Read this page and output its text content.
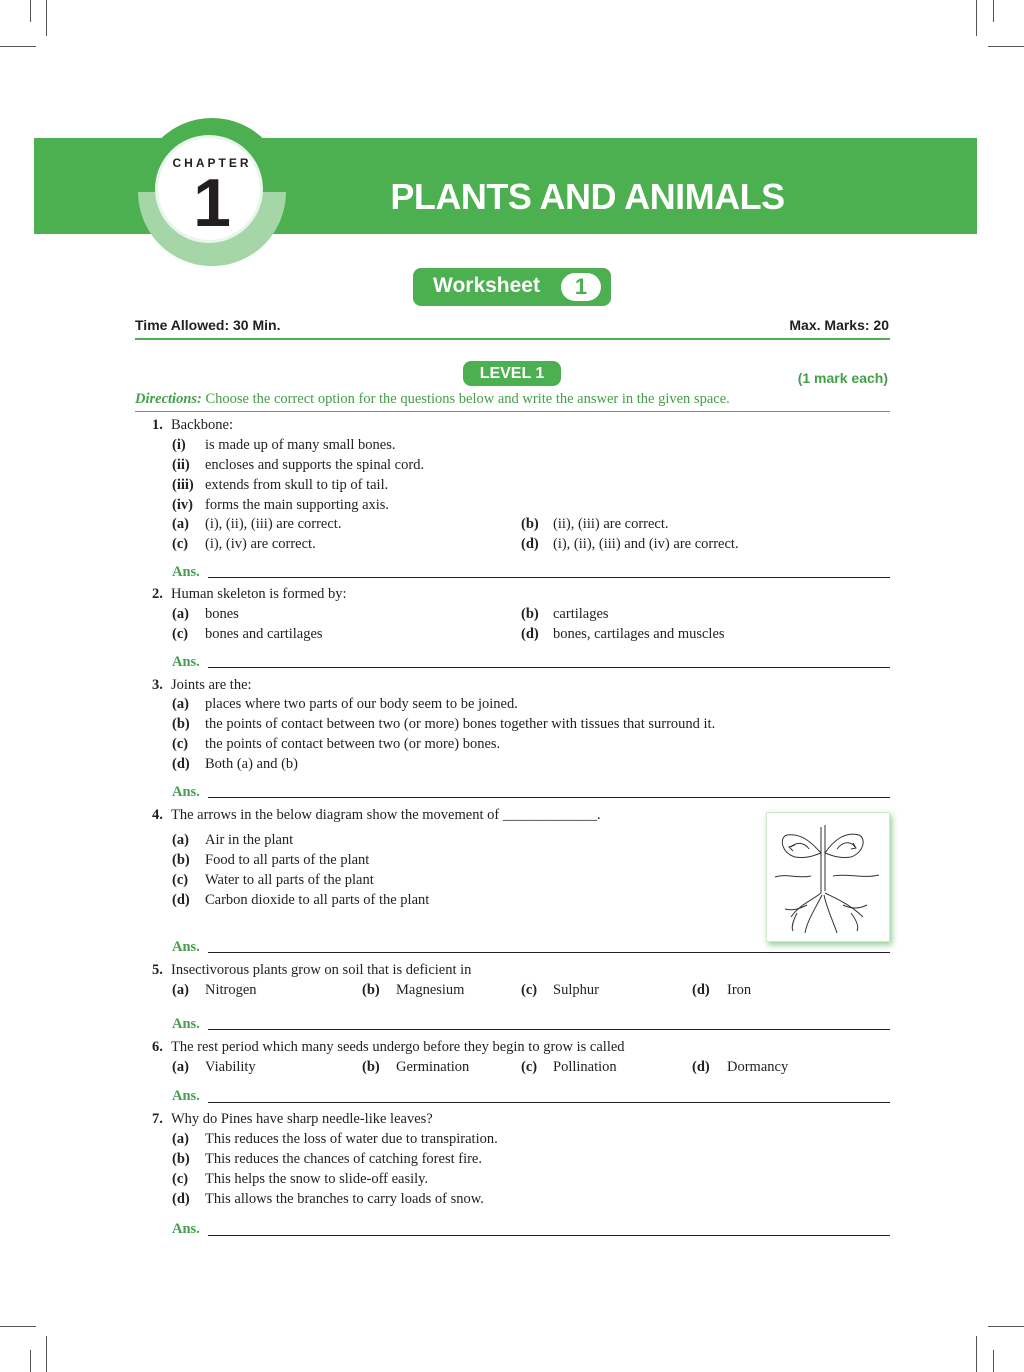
CHAPTER
1	PLANTS AND ANIMALS
Worksheet	1
Time Allowed: 30 Min.	Max. Marks: 20
LEVEL 1	(1 mark each)
Directions: Choose the correct option for the questions below and write the answer in the given space.
1. Backbone:
(i) is made up of many small bones.
(ii) encloses and supports the spinal cord.
(iii) extends from skull to tip of tail.
(iv) forms the main supporting axis.
(a) (i), (ii), (iii) are correct.	(b) (ii), (iii) are correct.
(c) (i), (iv) are correct.	(d) (i), (ii), (iii) and (iv) are correct.
Ans.
2. Human skeleton is formed by:
(a) bones	(b) cartilages
(c) bones and cartilages	(d) bones, cartilages and muscles
Ans.
3. Joints are the:
(a) places where two parts of our body seem to be joined.
(b) the points of contact between two (or more) bones together with tissues that surround it.
(c) the points of contact between two (or more) bones.
(d) Both (a) and (b)
Ans.
4. The arrows in the below diagram show the movement of _____________.
(a) Air in the plant
(b) Food to all parts of the plant
(c) Water to all parts of the plant
(d) Carbon dioxide to all parts of the plant
Ans.
5. Insectivorous plants grow on soil that is deficient in
(a) Nitrogen	(b) Magnesium	(c) Sulphur	(d) Iron
Ans.
6. The rest period which many seeds undergo before they begin to grow is called
(a) Viability	(b) Germination	(c) Pollination	(d) Dormancy
Ans.
7. Why do Pines have sharp needle-like leaves?
(a) This reduces the loss of water due to transpiration.
(b) This reduces the chances of catching forest fire.
(c) This helps the snow to slide-off easily.
(d) This allows the branches to carry loads of snow.
Ans.
